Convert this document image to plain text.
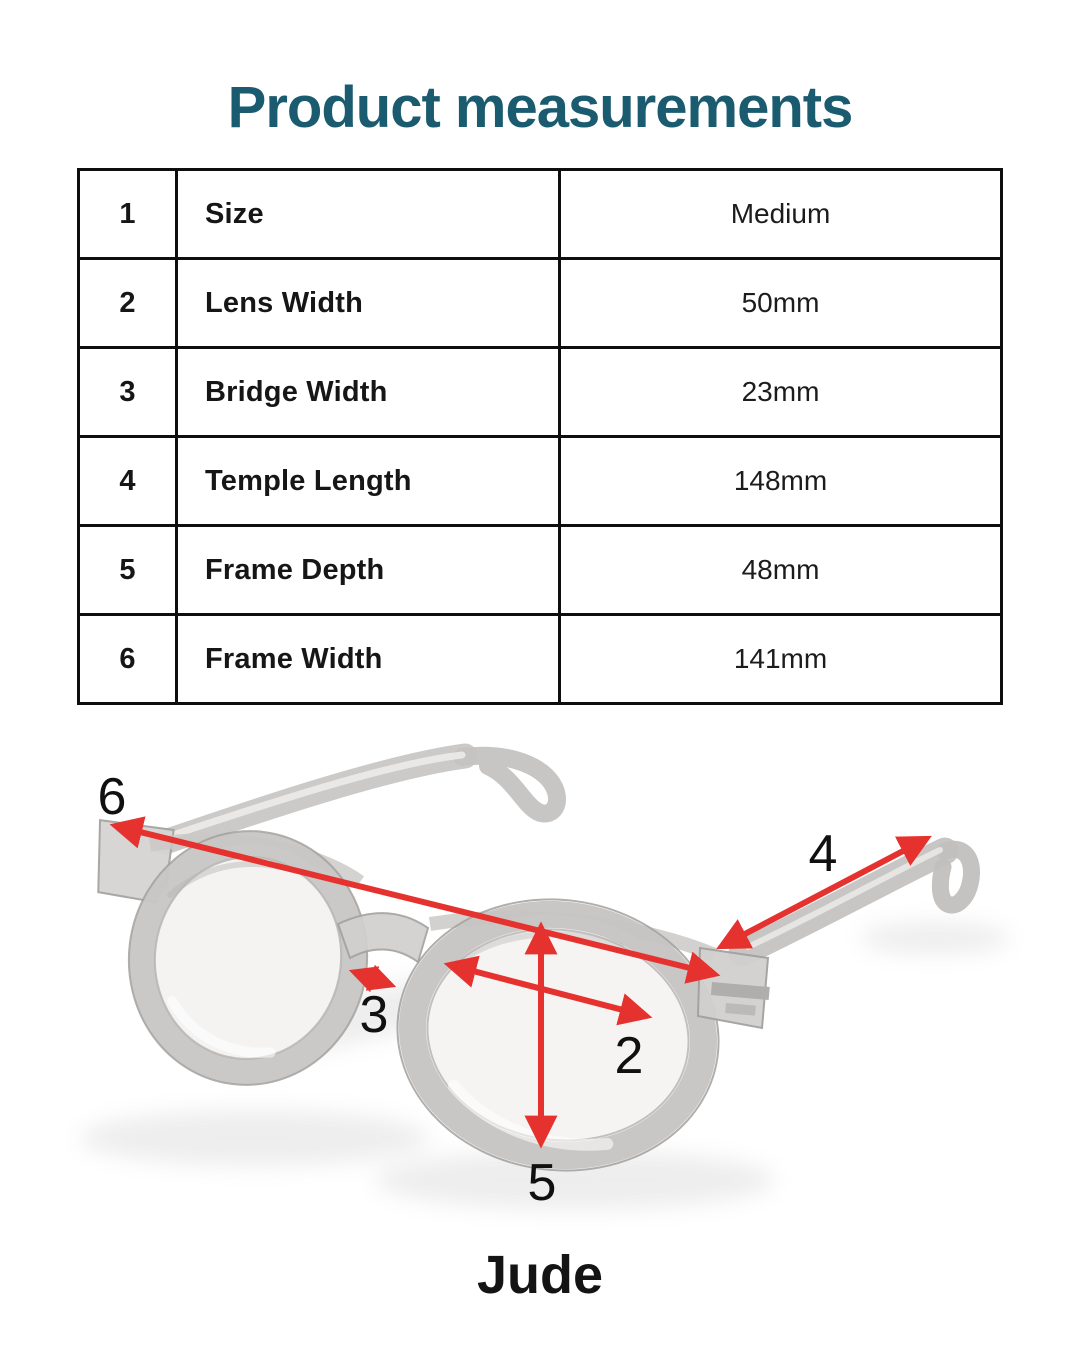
Product measurements
1	Size	Medium
2	Lens Width	50mm
3	Bridge Width	23mm
4	Temple Length	148mm
5	Frame Depth	48mm
6	Frame Width	141mm
6
4
3
2
5
Jude
